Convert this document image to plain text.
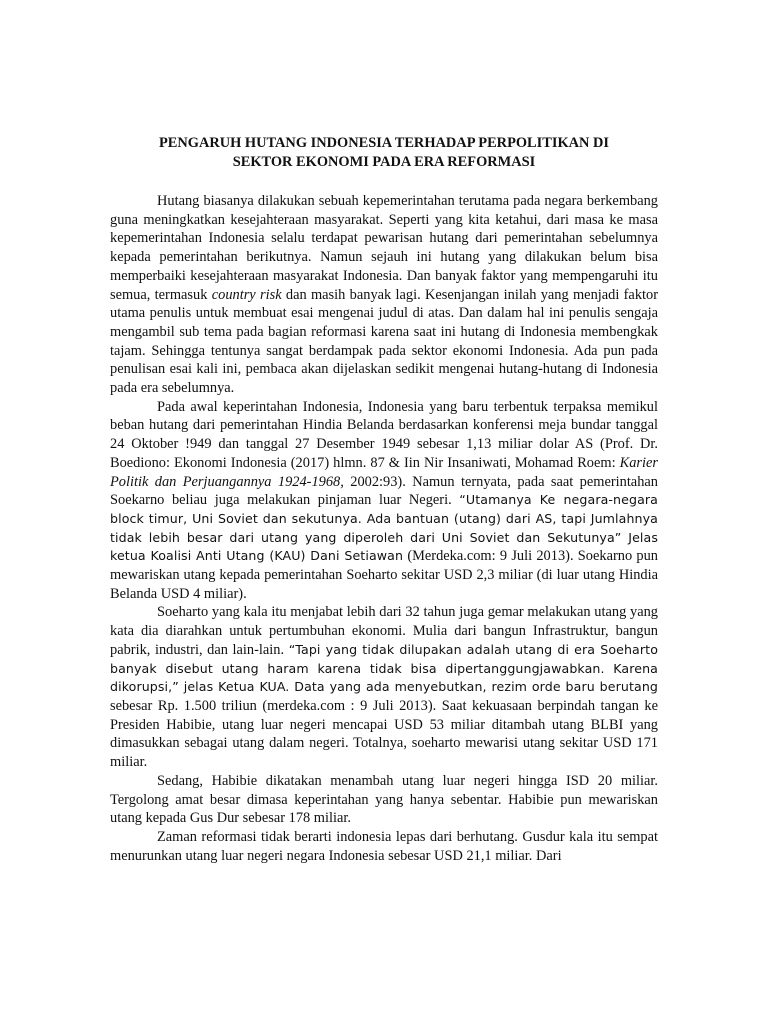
PENGARUH HUTANG INDONESIA TERHADAP PERPOLITIKAN DI
SEKTOR EKONOMI PADA ERA REFORMASI

Hutang biasanya dilakukan sebuah kepemerintahan terutama pada negara berkembang guna meningkatkan kesejahteraan masyarakat. Seperti yang kita ketahui, dari masa ke masa kepemerintahan Indonesia selalu terdapat pewarisan hutang dari pemerintahan sebelumnya kepada pemerintahan berikutnya. Namun sejauh ini hutang yang dilakukan belum bisa memperbaiki kesejahteraan masyarakat Indonesia. Dan banyak faktor yang mempengaruhi itu semua, termasuk country risk dan masih banyak lagi. Kesenjangan inilah yang menjadi faktor utama penulis untuk membuat esai mengenai judul di atas. Dan dalam hal ini penulis sengaja mengambil sub tema pada bagian reformasi karena saat ini hutang di Indonesia membengkak tajam. Sehingga tentunya sangat berdampak pada sektor ekonomi Indonesia. Ada pun pada penulisan esai kali ini, pembaca akan dijelaskan sedikit mengenai hutang-hutang di Indonesia pada era sebelumnya.

Pada awal keperintahan Indonesia, Indonesia yang baru terbentuk terpaksa memikul beban hutang dari pemerintahan Hindia Belanda berdasarkan konferensi meja bundar tanggal 24 Oktober !949 dan tanggal 27 Desember 1949 sebesar 1,13 miliar dolar AS (Prof. Dr. Boediono: Ekonomi Indonesia (2017) hlmn. 87 & Iin Nir Insaniwati, Mohamad Roem: Karier Politik dan Perjuangannya 1924-1968, 2002:93). Namun ternyata, pada saat pemerintahan Soekarno beliau juga melakukan pinjaman luar Negeri. “Utamanya Ke negara-negara block timur, Uni Soviet dan sekutunya. Ada bantuan (utang) dari AS, tapi Jumlahnya tidak lebih besar dari utang yang diperoleh dari Uni Soviet dan Sekutunya” Jelas ketua Koalisi Anti Utang (KAU) Dani Setiawan (Merdeka.com: 9 Juli 2013). Soekarno pun mewariskan utang kepada pemerintahan Soeharto sekitar USD 2,3 miliar (di luar utang Hindia Belanda USD 4 miliar).

Soeharto yang kala itu menjabat lebih dari 32 tahun juga gemar melakukan utang yang kata dia diarahkan untuk pertumbuhan ekonomi. Mulia dari bangun Infrastruktur, bangun pabrik, industri, dan lain-lain. “Tapi yang tidak dilupakan adalah utang di era Soeharto banyak disebut utang haram karena tidak bisa dipertanggungjawabkan. Karena dikorupsi,” jelas Ketua KUA. Data yang ada menyebutkan, rezim orde baru berutang sebesar Rp. 1.500 triliun (merdeka.com : 9 Juli 2013). Saat kekuasaan berpindah tangan ke Presiden Habibie, utang luar negeri mencapai USD 53 miliar ditambah utang BLBI yang dimasukkan sebagai utang dalam negeri. Totalnya, soeharto mewarisi utang sekitar USD 171 miliar.

Sedang, Habibie dikatakan menambah utang luar negeri hingga ISD 20 miliar. Tergolong amat besar dimasa keperintahan yang hanya sebentar. Habibie pun mewariskan utang kepada Gus Dur sebesar 178 miliar.

Zaman reformasi tidak berarti indonesia lepas dari berhutang. Gusdur kala itu sempat menurunkan utang luar negeri negara Indonesia sebesar USD 21,1 miliar. Dari
